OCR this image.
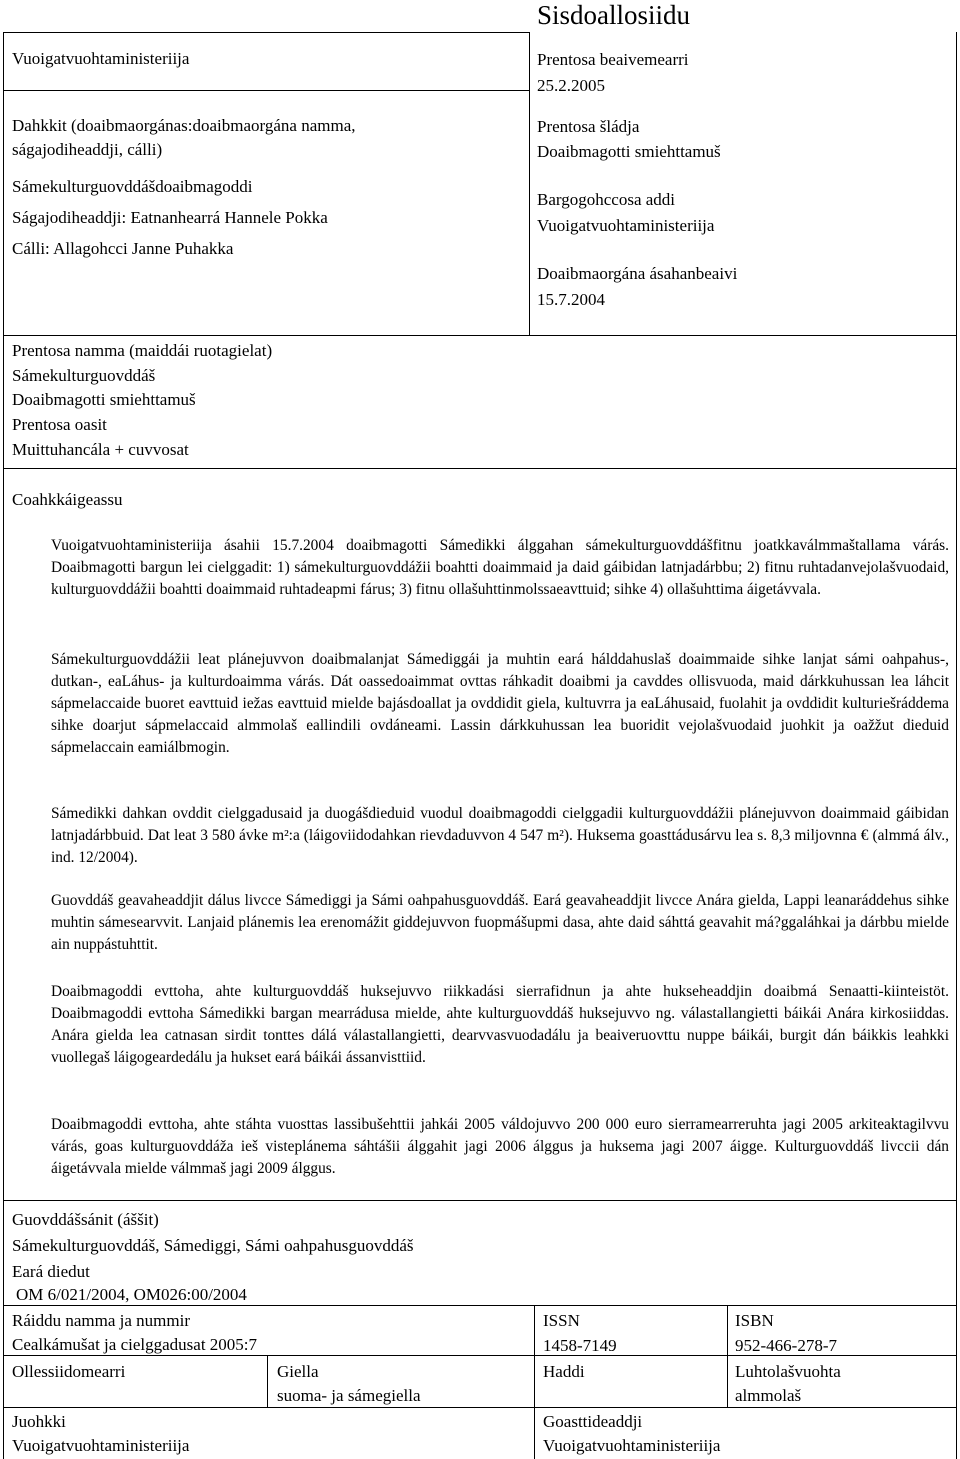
Sisdoallosiidu
Prentosa beaivemearri
25.2.2005
Prentosa šládja
Doaibmagotti smiehttamuš
Bargogohccosa addi
Vuoigatvuohtaministeriija
Doaibmaorgána ásahanbeaivi
15.7.2004
Vuoigatvuohtaministeriija
Dahkkit (doaibmaorgánas:doaibmaorgána namma,
ságajodiheaddji, cálli)
Sámekulturguovddášdoaibmagoddi
Ságajodiheaddji: Eatnanhearrá Hannele Pokka
Cálli: Allagohcci Janne Puhakka
Prentosa namma (maiddái ruotagielat)
Sámekulturguovddáš
Doaibmagotti smiehttamuš
Prentosa oasit
Muittuhancála + cuvvosat
Coahkkáigeassu
Vuoigatvuohtaministeriija ásahii 15.7.2004 doaibmagotti Sámedikki álggahan sámekulturguovddášfitnu joatkkaválmmaštallama várás. Doaibmagotti bargun lei cielggadit: 1) sámekulturguovddážii boahtti doaimmaid ja daid gáibidan latnjadárbbu; 2) fitnu ruhtadanvejolašvuodaid, kulturguovddážii boahtti doaimmaid ruhtadeapmi fárus; 3) fitnu ollašuhttinmolssaeavttuid; sihke 4) ollašuhttima áigetávvala.
Sámekulturguovddážii leat plánejuvvon doaibmalanjat Sámediggái ja muhtin eará hálddahuslaš doaimmaide sihke lanjat sámi oahpahus-, dutkan-, eaLáhus- ja kulturdoaimma várás. Dát oassedoaimmat ovttas ráhkadit doaibmi ja cavddes ollisvuoda, maid dárkkuhussan lea láhcit sápmelaccaide buoret eavttuid iežas eavttuid mielde bajásdoallat ja ovddidit giela, kultuvrra ja eaLáhusaid, fuolahit ja ovddidit kulturiešráddema sihke doarjut sápmelaccaid almmolaš eallindili ovdáneami. Lassin dárkkuhussan lea buoridit vejolašvuodaid juohkit ja oažžut dieduid sápmelaccain eamiálbmogin.
Sámedikki dahkan ovddit cielggadusaid ja duogášdieduid vuodul doaibmagoddi cielggadii kulturguovddážii plánejuvvon doaimmaid gáibidan latnjadárbbuid. Dat leat 3 580 ávke m²:a (láigoviidodahkan rievdaduvvon 4 547 m²). Huksema goasttádusárvu lea s. 8,3 miljovnna € (almmá álv., ind. 12/2004).
Guovddáš geavaheaddjit dálus livcce Sámediggi ja Sámi oahpahusguovddáš. Eará geavaheaddjit livcce Anára gielda, Lappi leanaráddehus sihke muhtin sámesearvvit. Lanjaid plánemis lea erenomážit giddejuvvon fuopmášupmi dasa, ahte daid sáhttá geavahit má?ggaláhkai ja dárbbu mielde ain nuppástuhttit.
Doaibmagoddi evttoha, ahte kulturguovddáš huksejuvvo riikkadási sierrafidnun ja ahte hukseheaddjin doaibmá Senaatti-kiinteistöt. Doaibmagoddi evttoha Sámedikki bargan mearrádusa mielde, ahte kulturguovddáš huksejuvvo ng. válastallangietti báikái Anára kirkosiiddas. Anára gielda lea catnasan sirdit tonttes dálá válastallangietti, dearvvasvuodadálu ja beaiveruovttu nuppe báikái, burgit dán báikkis leahkki vuollegaš láigogeardedálu ja hukset eará báikái ássanvisttiid.
Doaibmagoddi evttoha, ahte stáhta vuosttas lassibušehttii jahkái 2005 váldojuvvo 200 000 euro sierramearreruhta jagi 2005 arkiteaktagilvvu várás, goas kulturguovddáža ieš visteplánema sáhtášii álggahit jagi 2006 álggus ja huksema jagi 2007 áigge. Kulturguovddáš livccii dán áigetávvala mielde válmmaš jagi 2009 álggus.
Guovddášsánit (áššit)
Sámekulturguovddáš, Sámediggi, Sámi oahpahusguovddáš
Eará diedut
OM 6/021/2004, OM026:00/2004
Ráiddu namma ja nummir
Cealkámušat ja cielggadusat 2005:7
ISSN
1458-7149
ISBN
952-466-278-7
Ollessiidomearri	Giella
suoma- ja sámegiella
Haddi	Luhtolašvuohta
almmolaš
Juohkki
Vuoigatvuohtaministeriija
Goasttideaddji
Vuoigatvuohtaministeriija
